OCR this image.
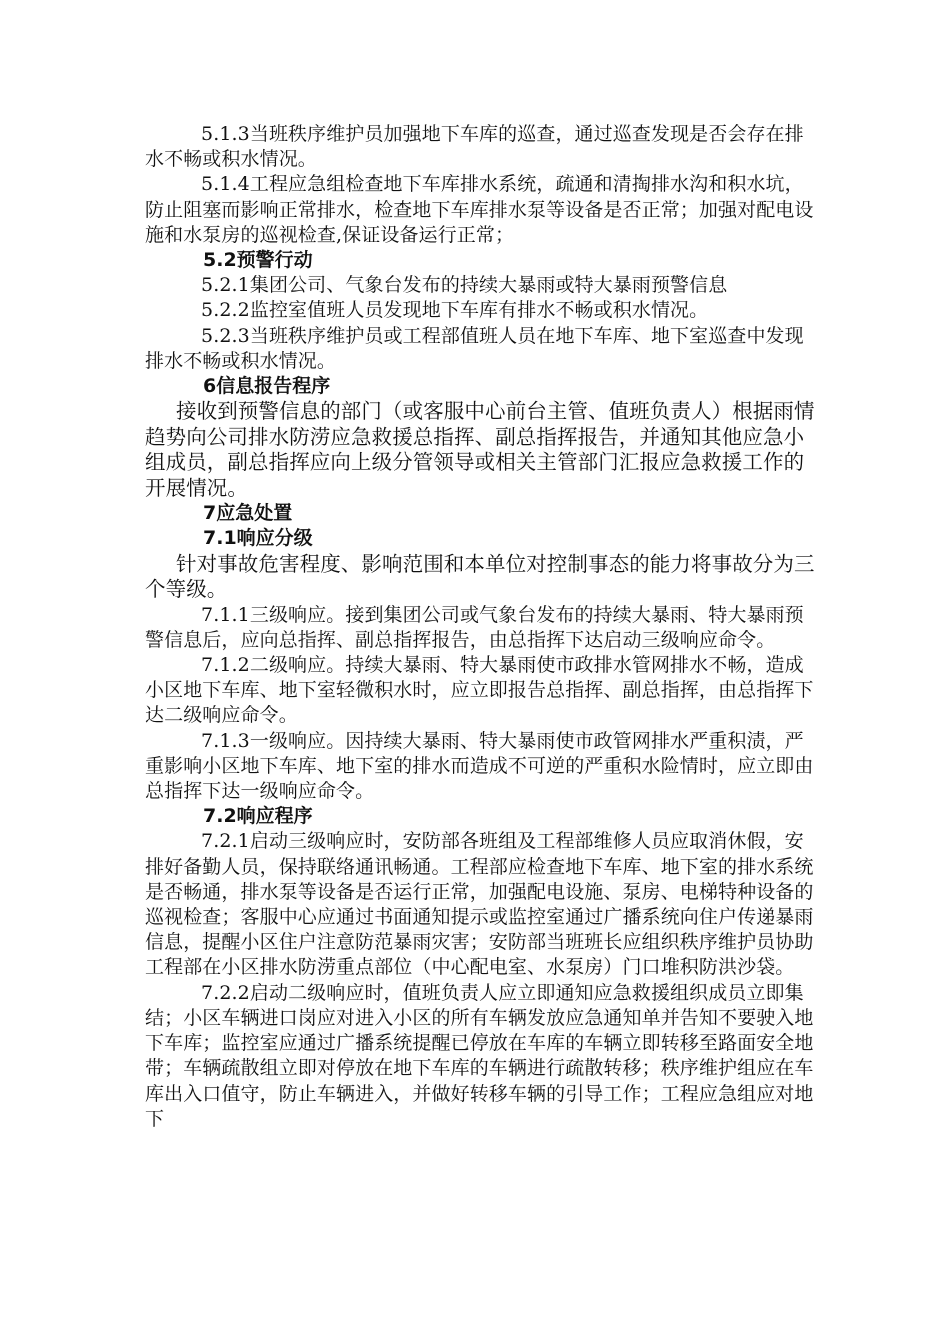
5.1.3当班秩序维护员加强地下车库的巡查，通过巡查发现是否会存在排水不畅或积水情况。

5.1.4工程应急组检查地下车库排水系统，疏通和清掏排水沟和积水坑，防止阻塞而影响正常排水，检查地下车库排水泵等设备是否正常；加强对配电设施和水泵房的巡视检查,保证设备运行正常；

5.2预警行动

5.2.1集团公司、气象台发布的持续大暴雨或特大暴雨预警信息

5.2.2监控室值班人员发现地下车库有排水不畅或积水情况。

5.2.3当班秩序维护员或工程部值班人员在地下车库、地下室巡查中发现排水不畅或积水情况。

6信息报告程序

接收到预警信息的部门（或客服中心前台主管、值班负责人）根据雨情趋势向公司排水防涝应急救援总指挥、副总指挥报告，并通知其他应急小组成员，副总指挥应向上级分管领导或相关主管部门汇报应急救援工作的开展情况。

7应急处置

7.1响应分级

针对事故危害程度、影响范围和本单位对控制事态的能力将事故分为三个等级。

7.1.1三级响应。接到集团公司或气象台发布的持续大暴雨、特大暴雨预警信息后，应向总指挥、副总指挥报告，由总指挥下达启动三级响应命令。

7.1.2二级响应。持续大暴雨、特大暴雨使市政排水管网排水不畅，造成小区地下车库、地下室轻微积水时，应立即报告总指挥、副总指挥，由总指挥下达二级响应命令。

7.1.3一级响应。因持续大暴雨、特大暴雨使市政管网排水严重积渍，严重影响小区地下车库、地下室的排水而造成不可逆的严重积水险情时，应立即由总指挥下达一级响应命令。

7.2响应程序

7.2.1启动三级响应时，安防部各班组及工程部维修人员应取消休假，安排好备勤人员，保持联络通讯畅通。工程部应检查地下车库、地下室的排水系统是否畅通，排水泵等设备是否运行正常，加强配电设施、泵房、电梯特种设备的巡视检查；客服中心应通过书面通知提示或监控室通过广播系统向住户传递暴雨信息，提醒小区住户注意防范暴雨灾害；安防部当班班长应组织秩序维护员协助工程部在小区排水防涝重点部位（中心配电室、水泵房）门口堆积防洪沙袋。

7.2.2启动二级响应时，值班负责人应立即通知应急救援组织成员立即集结；小区车辆进口岗应对进入小区的所有车辆发放应急通知单并告知不要驶入地下车库；监控室应通过广播系统提醒已停放在车库的车辆立即转移至路面安全地带；车辆疏散组立即对停放在地下车库的车辆进行疏散转移；秩序维护组应在车库出入口值守，防止车辆进入，并做好转移车辆的引导工作；工程应急组应对地下
